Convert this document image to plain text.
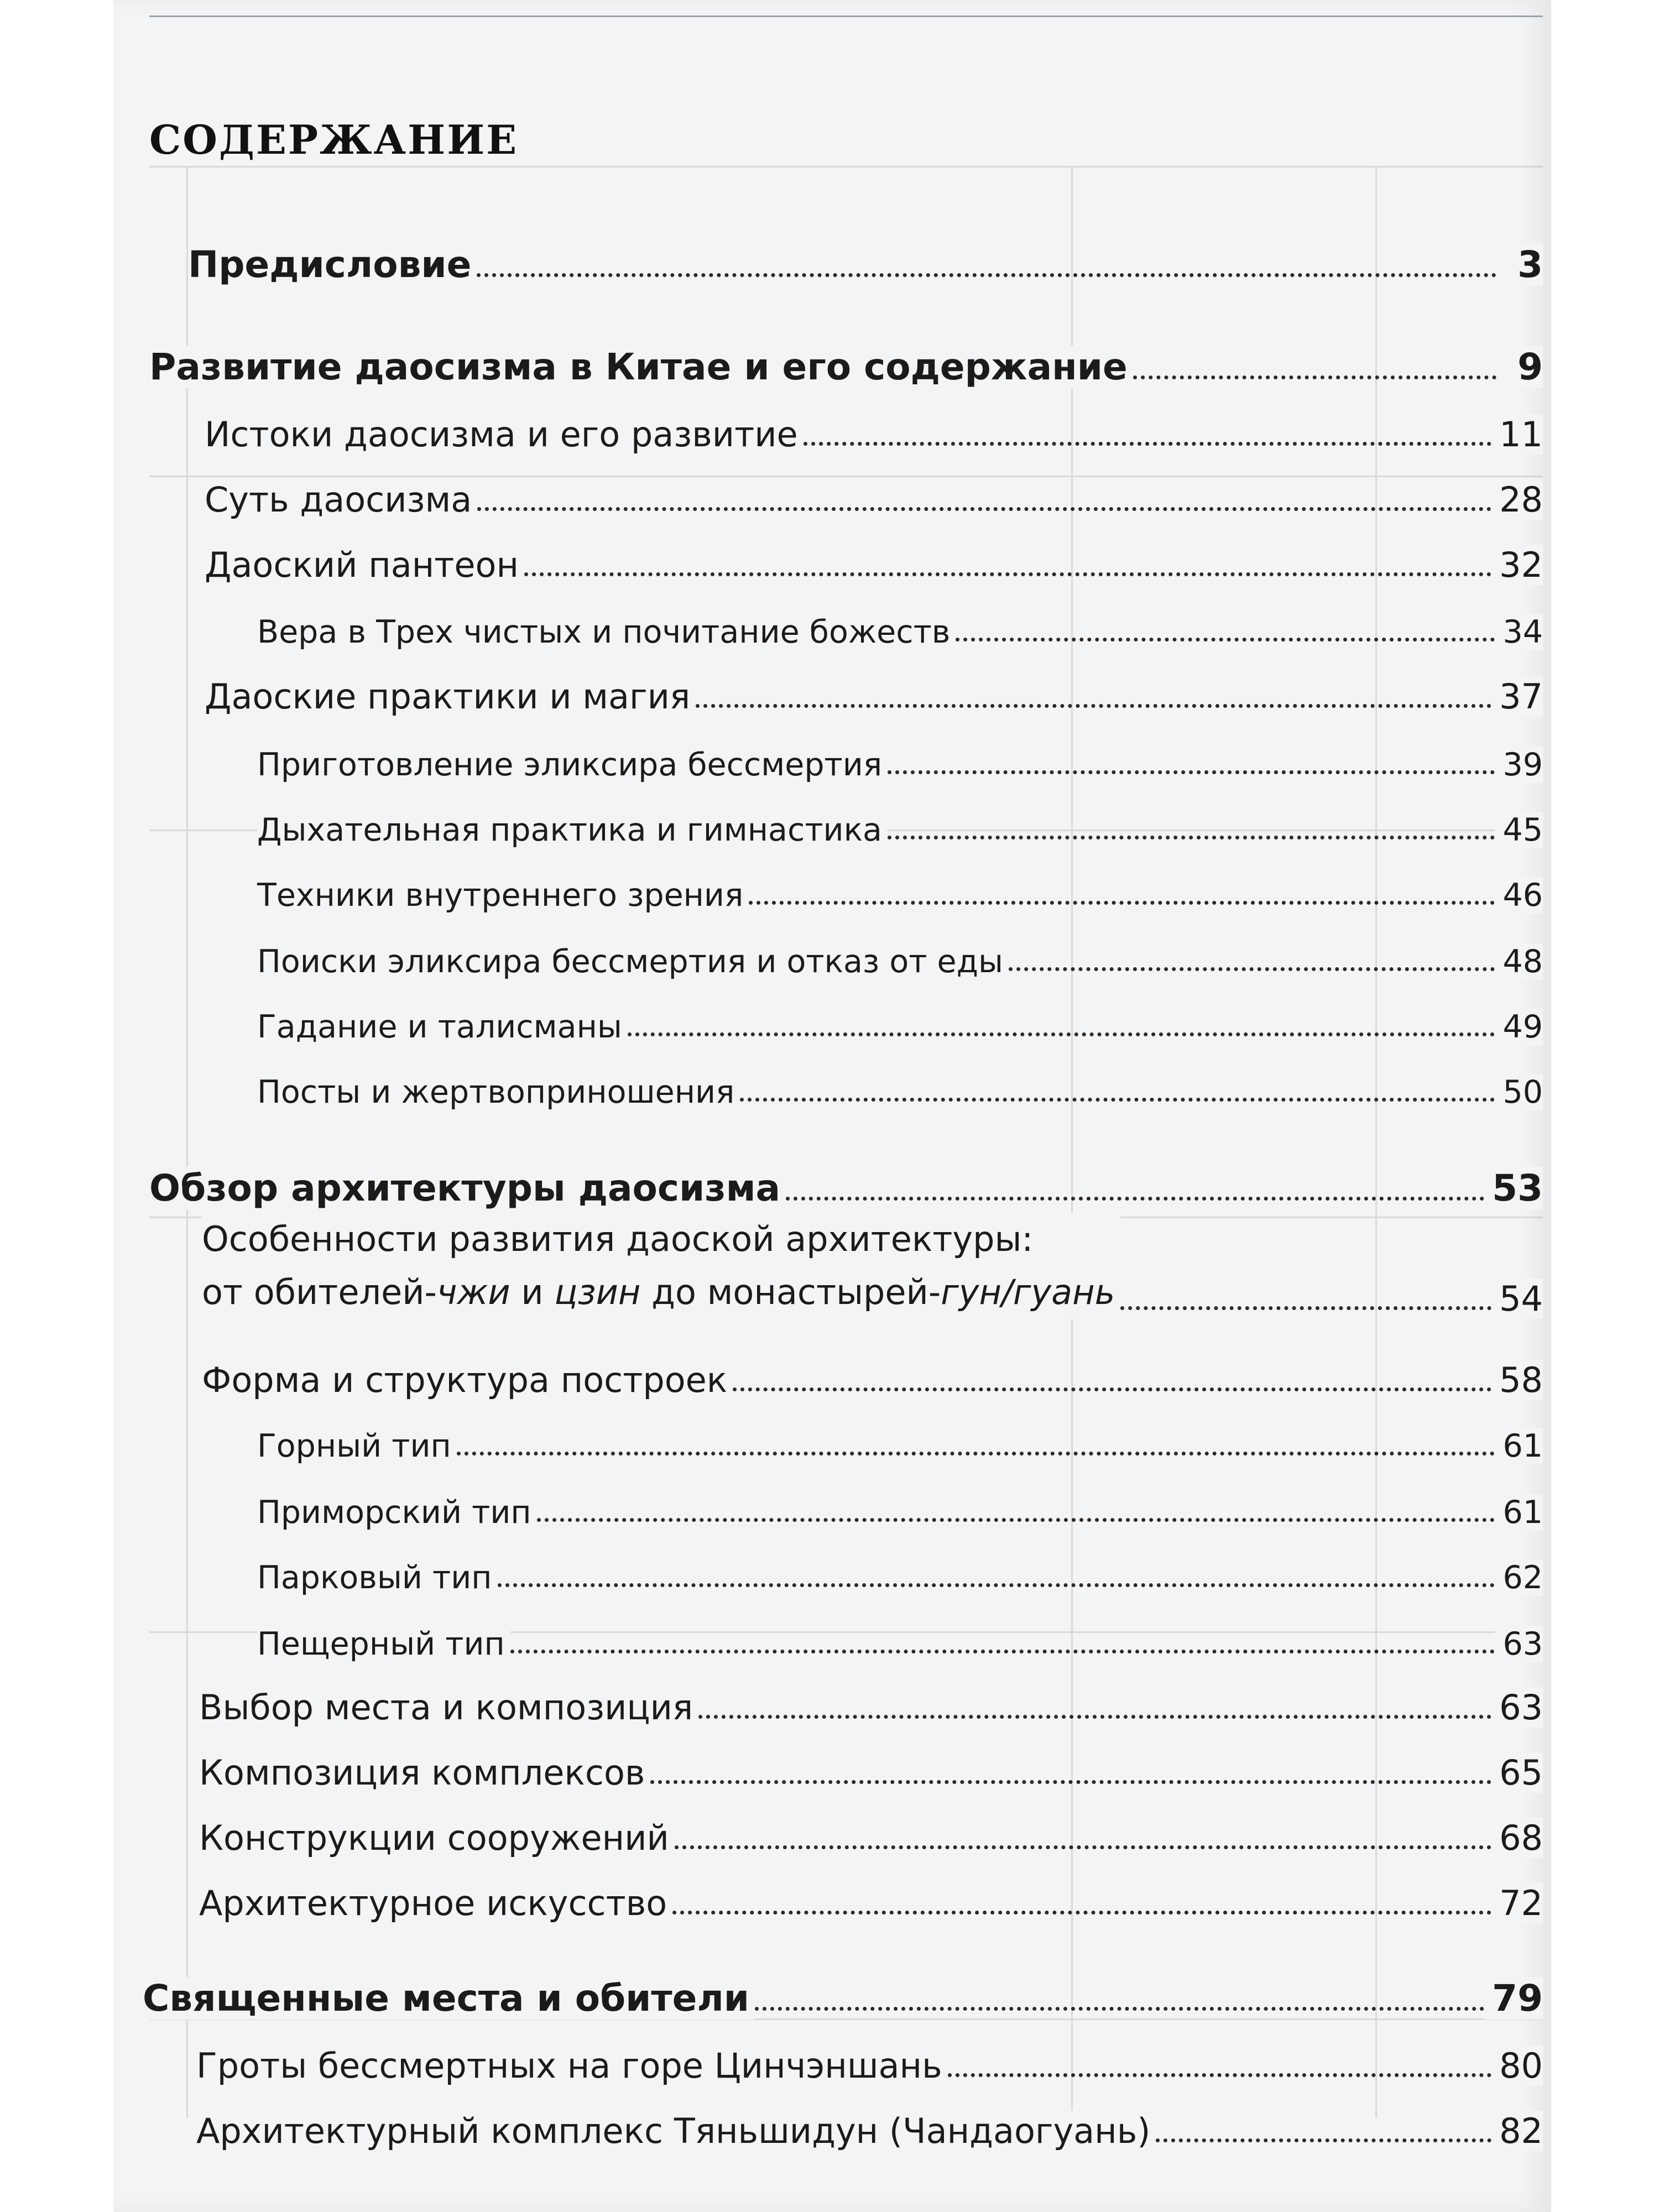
СОДЕРЖАНИЕ
Предисловие	3
Развитие даосизма в Китае и его содержание	9
Истоки даосизма и его развитие	11
Суть даосизма	28
Даоский пантеон	32
Вера в Трех чистых и почитание божеств	34
Даоские практики и магия	37
Приготовление эликсира бессмертия	39
Дыхательная практика и гимнастика	45
Техники внутреннего зрения	46
Поиски эликсира бессмертия и отказ от еды	48
Гадание и талисманы	49
Посты и жертвоприношения	50
Обзор архитектуры даосизма	53
Особенности развития даоской архитектуры:
от обителей-чжи и цзин до монастырей-гун/гуань	54
Форма и структура построек	58
Горный тип	61
Приморский тип	61
Парковый тип	62
Пещерный тип	63
Выбор места и композиция	63
Композиция комплексов	65
Конструкции сооружений	68
Архитектурное искусство	72
Священные места и обители	79
Гроты бессмертных на горе Цинчэншань	80
Архитектурный комплекс Тяньшидун (Чандаогуань)	82
